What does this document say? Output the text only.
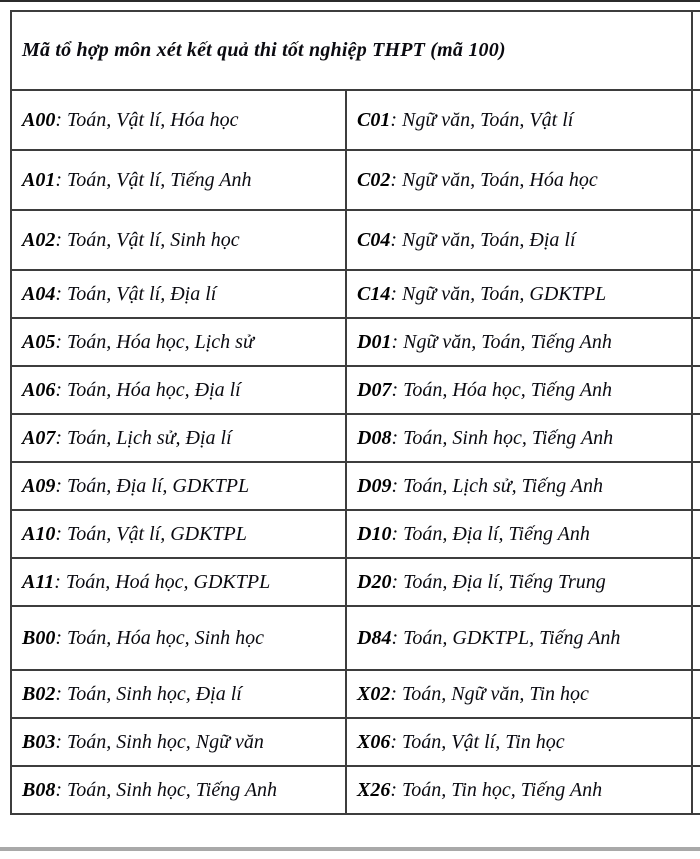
Mã tổ hợp môn xét kết quả thi tốt nghiệp THPT (mã 100)		
A00: Toán, Vật lí, Hóa học	C01: Ngữ văn, Toán, Vật lí	
A01: Toán, Vật lí, Tiếng Anh	C02: Ngữ văn, Toán, Hóa học	
A02: Toán, Vật lí, Sinh học	C04: Ngữ văn, Toán, Địa lí	
A04: Toán, Vật lí, Địa lí	C14: Ngữ văn, Toán, GDKTPL	
A05: Toán, Hóa học, Lịch sử	D01: Ngữ văn, Toán, Tiếng Anh	
A06: Toán, Hóa học, Địa lí	D07: Toán, Hóa học, Tiếng Anh	
A07: Toán, Lịch sử, Địa lí	D08: Toán, Sinh học, Tiếng Anh	
A09: Toán, Địa lí, GDKTPL	D09: Toán, Lịch sử, Tiếng Anh	
A10: Toán, Vật lí, GDKTPL	D10: Toán, Địa lí, Tiếng Anh	
A11: Toán, Hoá học, GDKTPL	D20: Toán, Địa lí, Tiếng Trung	
B00: Toán, Hóa học, Sinh học	D84: Toán, GDKTPL, Tiếng Anh	
B02: Toán, Sinh học, Địa lí	X02: Toán, Ngữ văn, Tin học	
B03: Toán, Sinh học, Ngữ văn	X06: Toán, Vật lí, Tin học	
B08: Toán, Sinh học, Tiếng Anh	X26: Toán, Tin học, Tiếng Anh	
